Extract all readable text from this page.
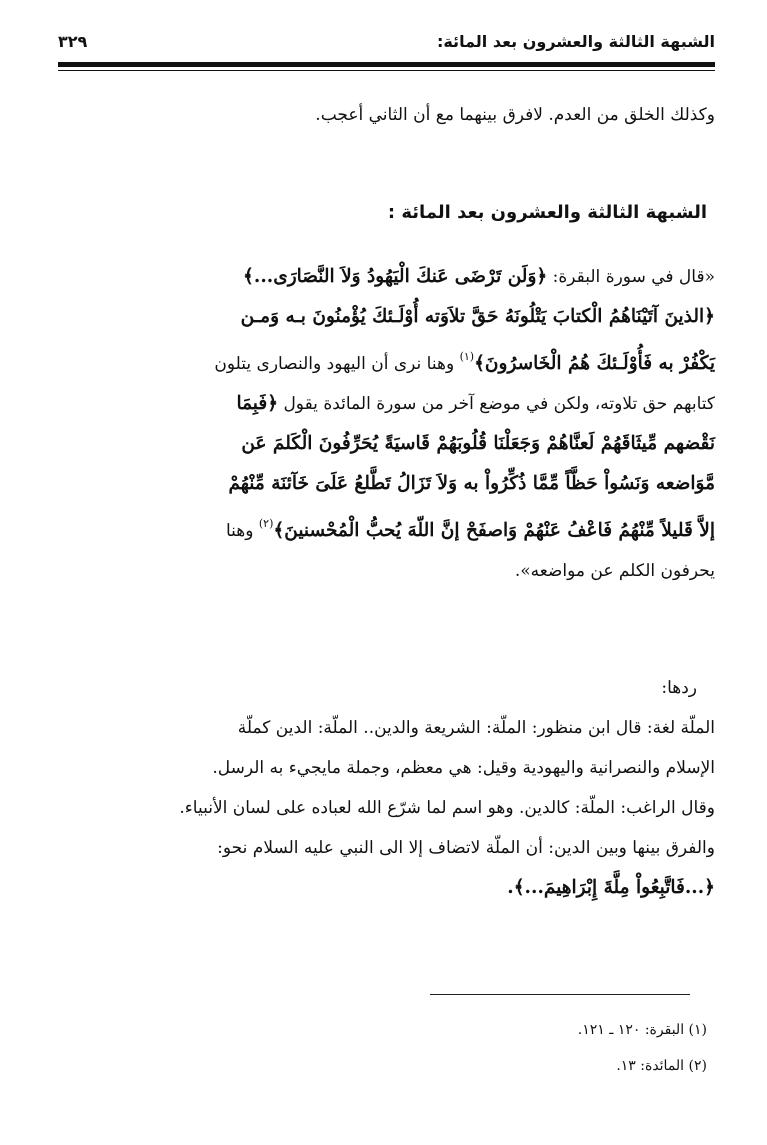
الشبهة الثالثة والعشرون بعد المائة:
٣٢٩
وكذلك الخلق من العدم. لافرق بينهما مع أن الثاني أعجب.
الشبهة الثالثة والعشرون بعد المائة :
«قال في سورة البقرة: ﴿وَلَن تَرْضَى عَنكَ الْيَهُودُ وَلاَ النَّصَارَى...﴾
﴿الذينَ آتَيْنَاهُمُ الْكتابَ يَتْلُونَهُ حَقَّ تلاَوَته أُوْلَـئكَ يُؤْمنُونَ بـه وَمـن
يَكْفُرْ به فَأُوْلَـئكَ هُمُ الْخَاسرُونَ﴾$^{(١)}$ وهنا نرى أن اليهود والنصارى يتلون
كتابهم حق تلاوته، ولكن في موضع آخر من سورة المائدة يقول ﴿فَبِمَا
نَقْضهم مِّيثَاقَهُمْ لَعنَّاهُمْ وَجَعَلْنَا قُلُوبَهُمْ قَاسيَةً يُحَرِّفُونَ الْكَلمَ عَن
مَّوَاضعه وَنَسُواْ حَظَّاً مِّمَّا ذُكِّرُواْ به وَلاَ تَزَالُ تَطَّلعُ عَلَىَ خَآئنَة مِّنْهُمْ
إلاَّ قَليلاً مِّنْهُمُ فَاعْفُ عَنْهُمْ وَاصفَحْ إنَّ اللّهَ يُحبُّ الْمُحْسنينَ﴾$^{(٢)}$ وهنا
يحرفون الكلم عن مواضعه».
ردها:
الملّة لغة: قال ابن منظور: الملّة: الشريعة والدين.. الملّة: الدين كملّة
الإسلام والنصرانية واليهودية وقيل: هي معظم، وجملة مايجيء به الرسل.
وقال الراغب: الملّة: كالدين. وهو اسم لما شرّع الله لعباده على لسان الأنبياء.
والفرق بينها وبين الدين: أن الملّة لاتضاف إلا الى النبي عليه السلام نحو:
﴿...فَاتَّبِعُواْ مِلَّةَ إِبْرَاهِيمَ...﴾.
(١) البقرة: ١٢٠ ـ ١٢١.
(٢) المائدة: ١٣.
